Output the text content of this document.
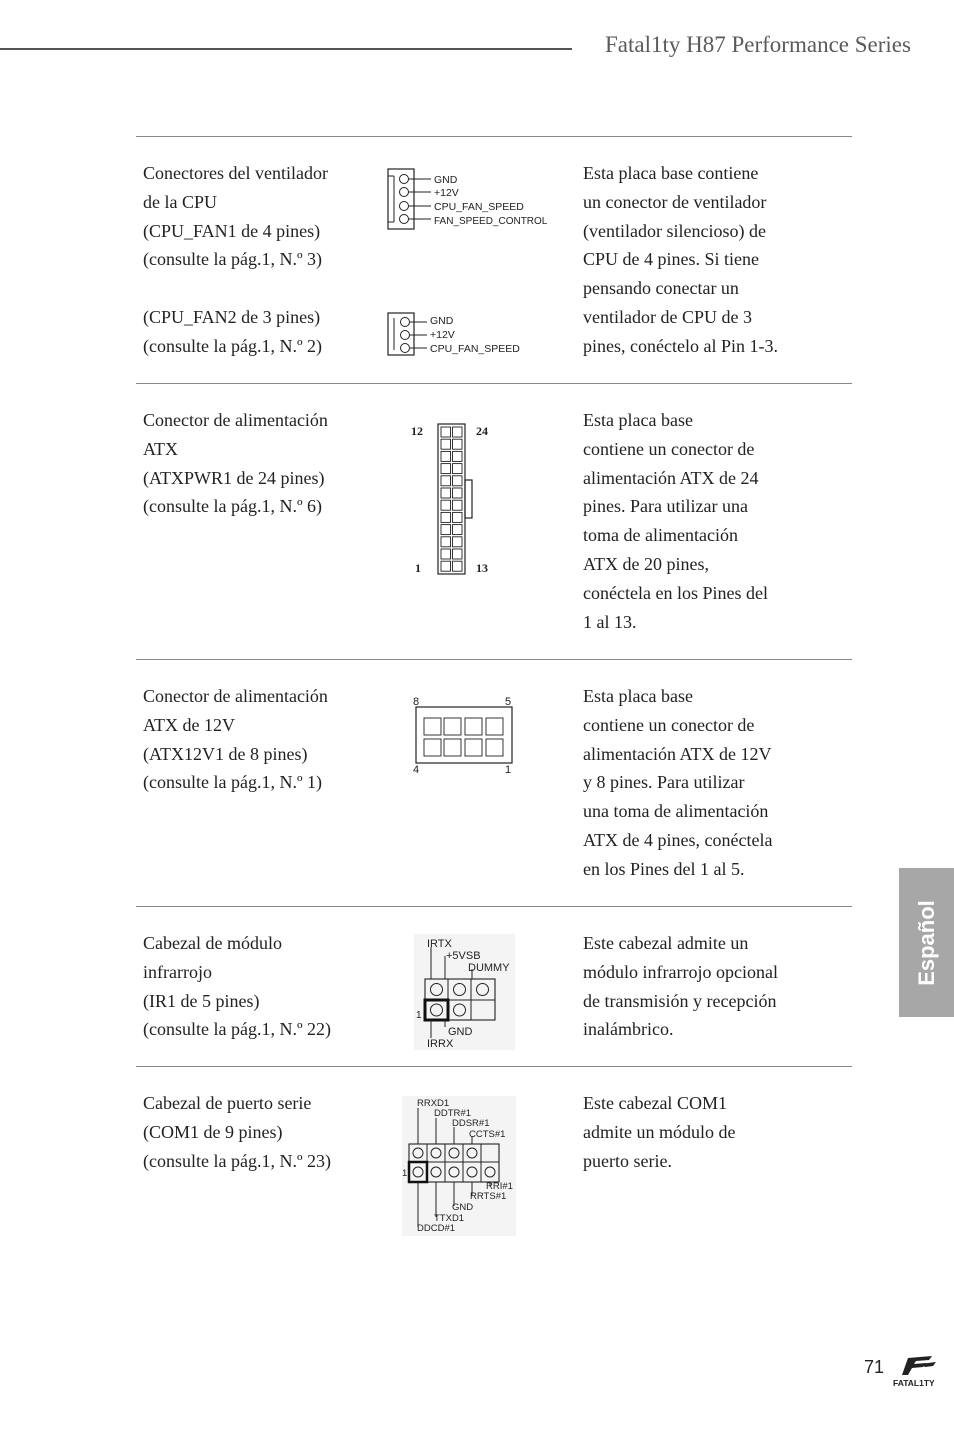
Fatal1ty H87 Performance Series
Conectores del ventilador
de la CPU
(CPU_FAN1 de 4 pines)
(consulte la pág.1, N.º 3)
(CPU_FAN2 de 3 pines)
(consulte la pág.1, N.º 2)
GND
+12V
CPU_FAN_SPEED
FAN_SPEED_CONTROL
GND
+12V
CPU_FAN_SPEED
Esta placa base contiene
un conector de ventilador
(ventilador silencioso) de
CPU de 4 pines. Si tiene
pensando conectar un
ventilador de CPU de 3
pines, conéctelo al Pin 1-3.
Conector de alimentación
ATX
(ATXPWR1 de 24 pines)
(consulte la pág.1, N.º 6)
12	24
1	13
Esta placa base
contiene un conector de
alimentación ATX de 24
pines. Para utilizar una
toma de alimentación
ATX de 20 pines,
conéctela en los Pines del
1 al 13.
Conector de alimentación
ATX de 12V
(ATX12V1 de 8 pines)
(consulte la pág.1, N.º 1)
8	5
4	1
Esta placa base
contiene un conector de
alimentación ATX de 12V
y 8 pines. Para utilizar
una toma de alimentación
ATX de 4 pines, conéctela
en los Pines del 1 al 5.
Cabezal de módulo
infrarrojo
(IR1 de 5 pines)
(consulte la pág.1, N.º 22)
IRTX
+5VSB
DUMMY
1
GND
IRRX
Este cabezal admite un
módulo infrarrojo opcional
de transmisión y recepción
inalámbrico.
Cabezal de puerto serie
(COM1 de 9 pines)
(consulte la pág.1, N.º 23)
RRXD1
DDTR#1
DDSR#1
CCTS#1
1
RRI#1
RRTS#1
GND
TTXD1
DDCD#1
Este cabezal COM1
admite un módulo de
puerto serie.
Español
71
FATAL1TY
